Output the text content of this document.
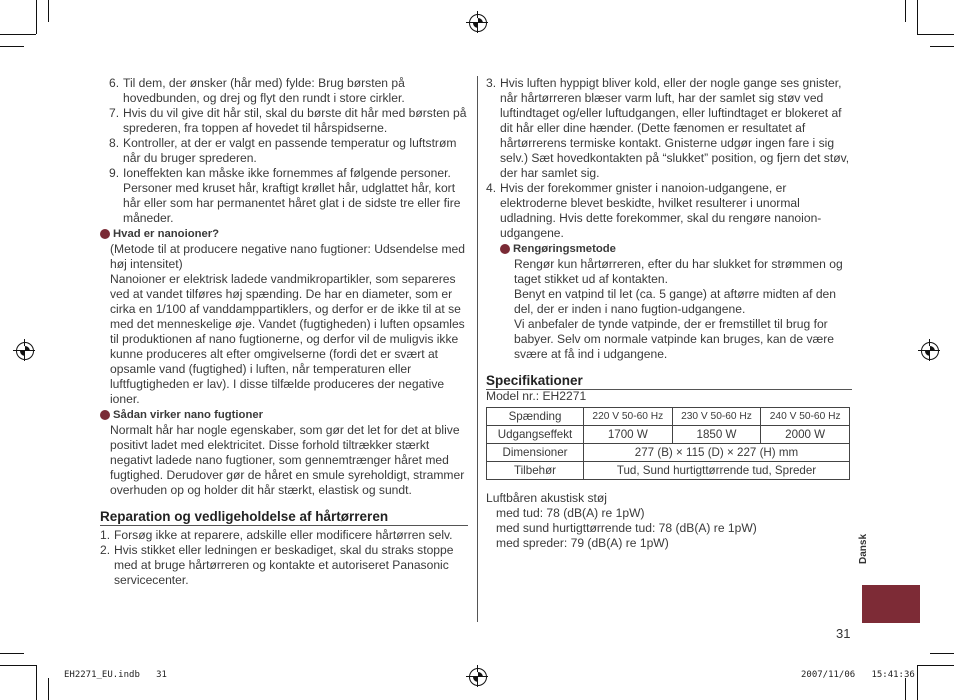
6. Til dem, der ønsker (hår med) fylde: Brug børsten på hovedbunden, og drej og flyt den rundt i store cirkler.

7. Hvis du vil give dit hår stil, skal du børste dit hår med børsten på sprederen, fra toppen af hovedet til hårspidserne.

8. Kontroller, at der er valgt en passende temperatur og luftstrøm når du bruger sprederen.

9. Ioneffekten kan måske ikke fornemmes af følgende personer. Personer med kruset hår, kraftigt krøllet hår, udglattet hår, kort hår eller som har permanentet håret glat i de sidste tre eller fire måneder.

Hvad er nanoioner?

(Metode til at producere negative nano fugtioner: Udsendelse med høj intensitet)
Nanoioner er elektrisk ladede vandmikropartikler, som separeres ved at vandet tilføres høj spænding. De har en diameter, som er cirka en 1/100 af vanddamppartiklers, og derfor er de ikke til at se med det menneskelige øje. Vandet (fugtigheden) i luften opsamles til produktionen af nano fugtionerne, og derfor vil de muligvis ikke kunne produceres alt efter omgivelserne (fordi det er svært at opsamle vand (fugtighed) i luften, når temperaturen eller luftfugtigheden er lav). I disse tilfælde produceres der negative ioner.

Sådan virker nano fugtioner

Normalt hår har nogle egenskaber, som gør det let for det at blive positivt ladet med elektricitet. Disse forhold tiltrækker stærkt negativt ladede nano fugtioner, som gennemtrænger håret med fugtighed. Derudover gør de håret en smule syreholdigt, strammer overhuden op og holder dit hår stærkt, elastisk og sundt.

Reparation og vedligeholdelse af hårtørreren
1. Forsøg ikke at reparere, adskille eller modificere hårtørren selv.

2. Hvis stikket eller ledningen er beskadiget, skal du straks stoppe med at bruge hårtørreren og kontakte et autoriseret Panasonic servicecenter.

3. Hvis luften hyppigt bliver kold, eller der nogle gange ses gnister, når hårtørreren blæser varm luft, har der samlet sig støv ved luftindtaget og/eller luftudgangen, eller luftindtaget er blokeret af dit hår eller dine hænder. (Dette fænomen er resultatet af hårtørrerens termiske kontakt. Gnisterne udgør ingen fare i sig selv.) Sæt hovedkontakten på “slukket” position, og fjern det støv, der har samlet sig.

4. Hvis der forekommer gnister i nanoion-udgangene, er elektroderne blevet beskidte, hvilket resulterer i unormal udladning. Hvis dette forekommer, skal du rengøre nanoion-udgangene.

Rengøringsmetode

Rengør kun hårtørreren, efter du har slukket for strømmen og taget stikket ud af kontakten.
Benyt en vatpind til let (ca. 5 gange) at aftørre midten af den del, der er inden i nano fugtion-udgangene.
Vi anbefaler de tynde vatpinde, der er fremstillet til brug for babyer. Selv om normale vatpinde kan bruges, kan de være svære at få ind i udgangene.

Specifikationer

Model nr.: EH2271

Spænding	220 V 50-60 Hz	230 V 50-60 Hz	240 V 50-60 Hz
Udgangseffekt	1700 W	1850 W	2000 W
Dimensioner	277 (B) × 115 (D) × 227 (H) mm		
Tilbehør	Tud, Sund hurtigttørrende tud, Spreder		

Luftbåren akustisk støj

med tud: 78 (dB(A) re 1pW)

med sund hurtigttørrende tud: 78 (dB(A) re 1pW)

med spreder: 79 (dB(A) re 1pW)	Dansk
31
EH2271_EU.indb   31	2007/11/06   15:41:36
